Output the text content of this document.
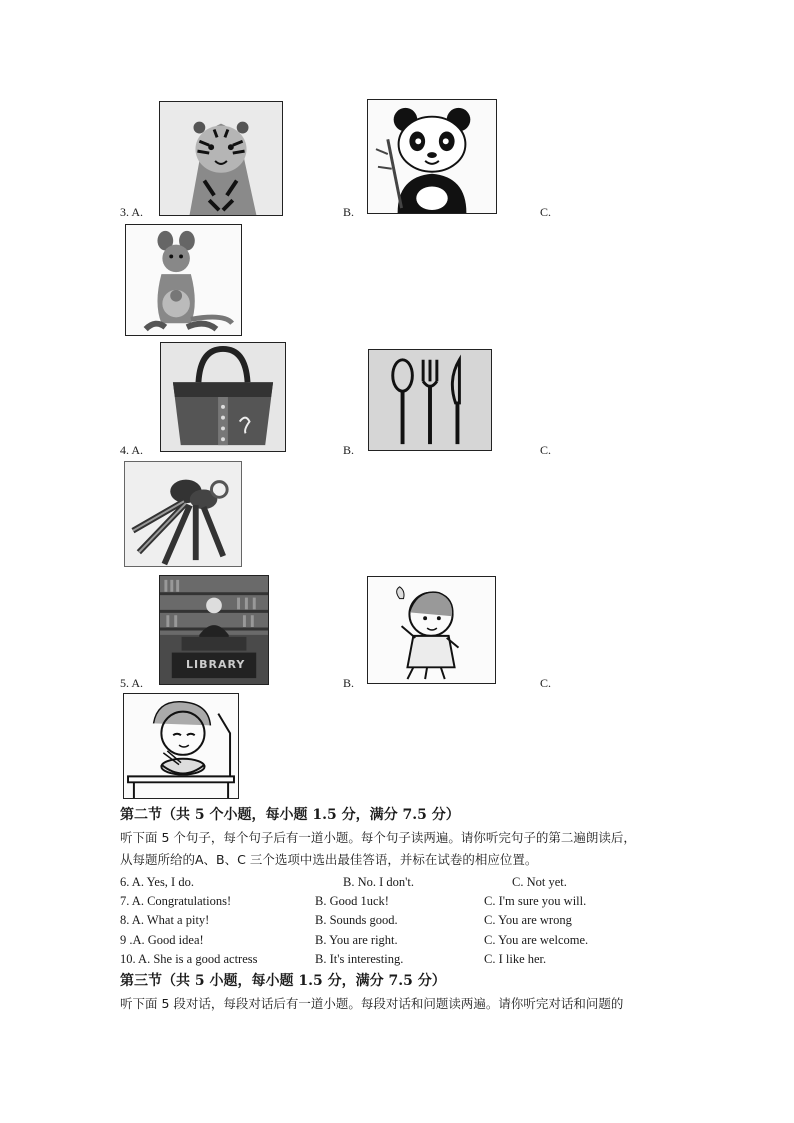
3. A.	B.	C.
4. A.	B.	C.
LIBRARY
5. A.	B.	C.
第二节（共 5 个小题，每小题 1.5 分，满分 7.5 分）
听下面 5 个句子，每个句子后有一道小题。每个句子读两遍。请你听完句子的第二遍朗读后，
从每题所给的A、B、C 三个选项中选出最佳答语，并标在试卷的相应位置。
6. A. Yes, I do.	B. No. I don't.	C. Not yet.
7. A. Congratulations!	B. Good 1uck!	C. I'm sure you will.
8. A. What a pity!	B. Sounds good.	C. You are wrong
9 .A. Good idea!	B. You are right.	C. You are welcome.
10. A. She is a good actress	B. It's interesting.	C. I like her.
第三节（共 5 小题，每小题 1.5 分，满分 7.5 分）
听下面 5 段对话，每段对话后有一道小题。每段对话和问题读两遍。请你听完对话和问题的
